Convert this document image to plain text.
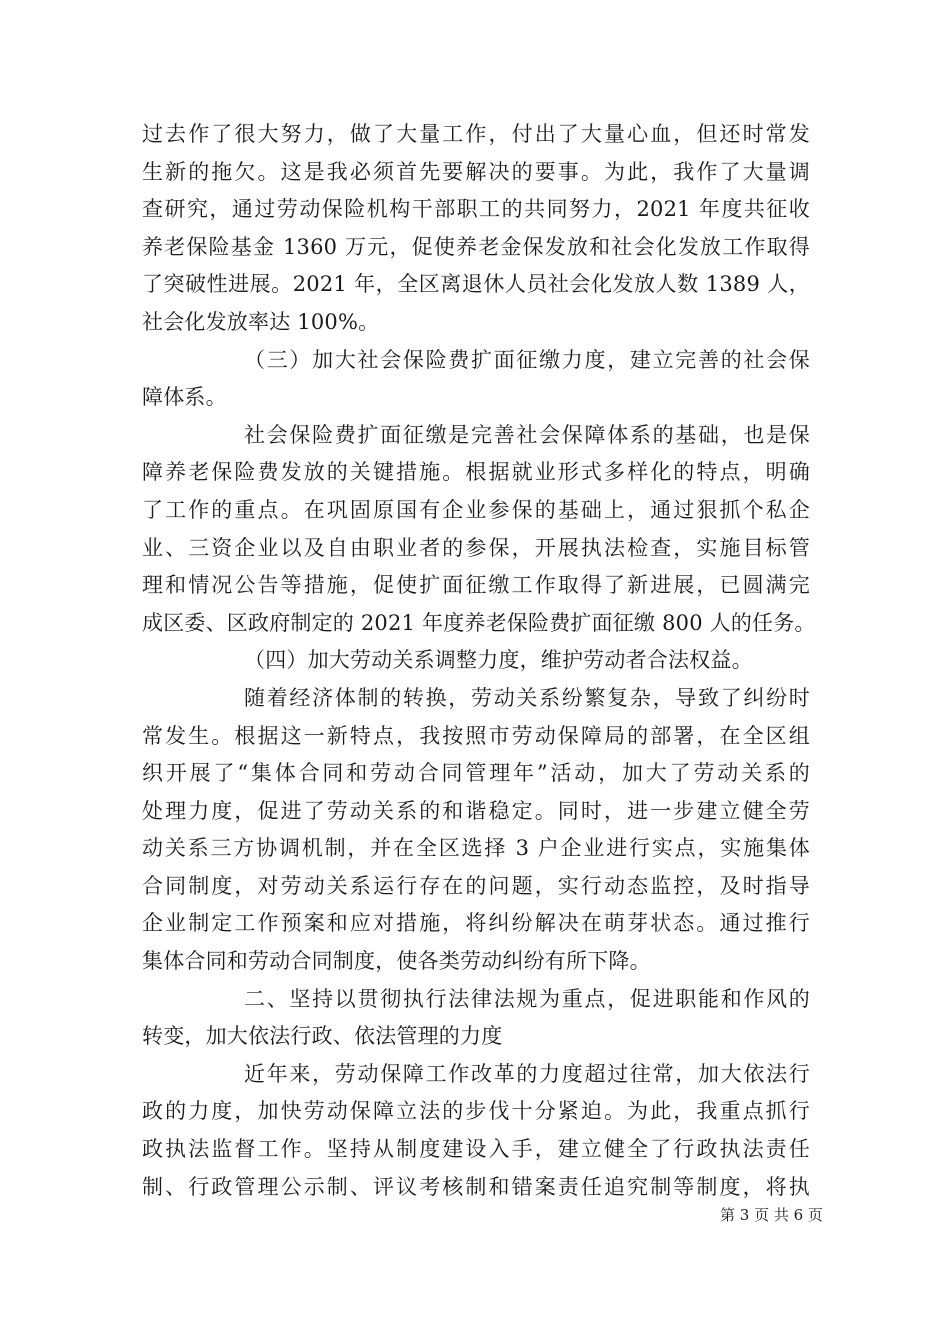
过去作了很大努力，做了大量工作，付出了大量心血，但还时常发
生新的拖欠。这是我必须首先要解决的要事。为此，我作了大量调
查研究，通过劳动保险机构干部职工的共同努力，2021 年度共征收
养老保险基金 1360 万元，促使养老金保发放和社会化发放工作取得
了突破性进展。2021 年，全区离退休人员社会化发放人数 1389 人，
社会化发放率达 100%。
（三）加大社会保险费扩面征缴力度，建立完善的社会保
障体系。
社会保险费扩面征缴是完善社会保障体系的基础，也是保
障养老保险费发放的关键措施。根据就业形式多样化的特点，明确
了工作的重点。在巩固原国有企业参保的基础上，通过狠抓个私企
业、三资企业以及自由职业者的参保，开展执法检查，实施目标管
理和情况公告等措施，促使扩面征缴工作取得了新进展，已圆满完
成区委、区政府制定的 2021 年度养老保险费扩面征缴 800 人的任务。
（四）加大劳动关系调整力度，维护劳动者合法权益。
随着经济体制的转换，劳动关系纷繁复杂，导致了纠纷时
常发生。根据这一新特点，我按照市劳动保障局的部署，在全区组
织开展了“集体合同和劳动合同管理年”活动，加大了劳动关系的
处理力度，促进了劳动关系的和谐稳定。同时，进一步建立健全劳
动关系三方协调机制，并在全区选择 3 户企业进行实点，实施集体
合同制度，对劳动关系运行存在的问题，实行动态监控，及时指导
企业制定工作预案和应对措施，将纠纷解决在萌芽状态。通过推行
集体合同和劳动合同制度，使各类劳动纠纷有所下降。
二、坚持以贯彻执行法律法规为重点，促进职能和作风的
转变，加大依法行政、依法管理的力度
近年来，劳动保障工作改革的力度超过往常，加大依法行
政的力度，加快劳动保障立法的步伐十分紧迫。为此，我重点抓行
政执法监督工作。坚持从制度建设入手，建立健全了行政执法责任
制、行政管理公示制、评议考核制和错案责任追究制等制度，将执
第 3 页 共 6 页
